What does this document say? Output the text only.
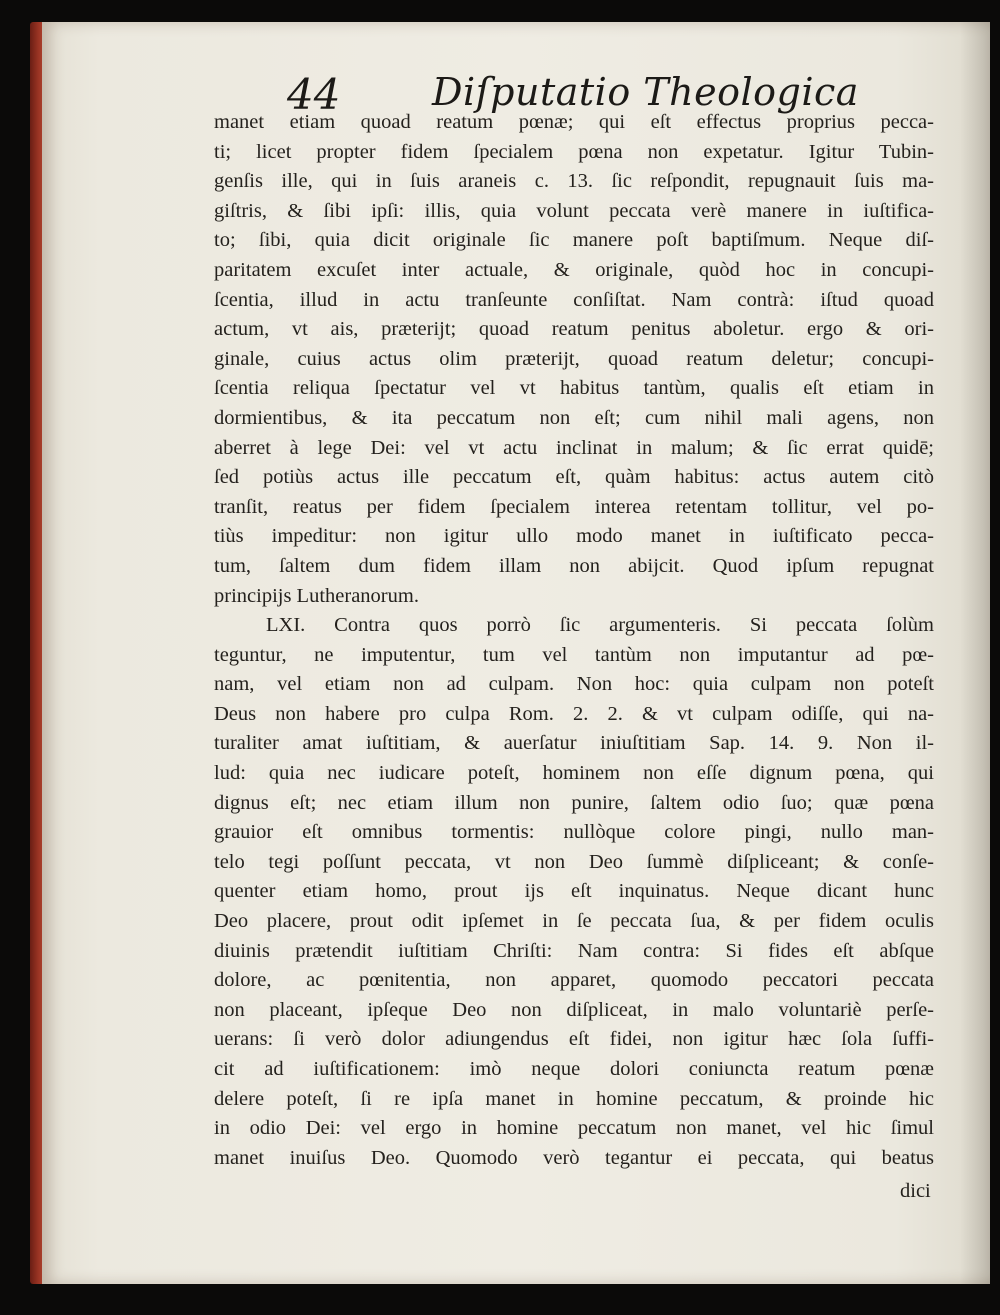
44 Diſputatio Theologica
manet etiam quoad reatum pœnæ; qui eſt effectus proprius pecca-
ti; licet propter fidem ſpecialem pœna non expetatur. Igitur Tubin-
genſis ille, qui in ſuis araneis c. 13. ſic reſpondit, repugnauit ſuis ma-
giſtris, & ſibi ipſi: illis, quia volunt peccata verè manere in iuſtifica-
to; ſibi, quia dicit originale ſic manere poſt baptiſmum. Neque diſ-
paritatem excuſet inter actuale, & originale, quòd hoc in concupi-
ſcentia, illud in actu tranſeunte conſiſtat. Nam contrà: iſtud quoad
actum, vt ais, præterijt; quoad reatum penitus aboletur. ergo & ori-
ginale, cuius actus olim præterijt, quoad reatum deletur; concupi-
ſcentia reliqua ſpectatur vel vt habitus tantùm, qualis eſt etiam in
dormientibus, & ita peccatum non eſt; cum nihil mali agens, non
aberret à lege Dei: vel vt actu inclinat in malum; & ſic errat quidē;
ſed potiùs actus ille peccatum eſt, quàm habitus: actus autem citò
tranſit, reatus per fidem ſpecialem interea retentam tollitur, vel po-
tiùs impeditur: non igitur ullo modo manet in iuſtificato pecca-
tum, ſaltem dum fidem illam non abijcit. Quod ipſum repugnat
principijs Lutheranorum.
LXI. Contra quos porrò ſic argumenteris. Si peccata ſolùm
teguntur, ne imputentur, tum vel tantùm non imputantur ad pœ-
nam, vel etiam non ad culpam. Non hoc: quia culpam non poteſt
Deus non habere pro culpa Rom. 2. 2. & vt culpam odiſſe, qui na-
turaliter amat iuſtitiam, & auerſatur iniuſtitiam Sap. 14. 9. Non il-
lud: quia nec iudicare poteſt, hominem non eſſe dignum pœna, qui
dignus eſt; nec etiam illum non punire, ſaltem odio ſuo; quæ pœna
grauior eſt omnibus tormentis: nullòque colore pingi, nullo man-
telo tegi poſſunt peccata, vt non Deo ſummè diſpliceant; & conſe-
quenter etiam homo, prout ijs eſt inquinatus. Neque dicant hunc
Deo placere, prout odit ipſemet in ſe peccata ſua, & per fidem oculis
diuinis prætendit iuſtitiam Chriſti: Nam contra: Si fides eſt abſque
dolore, ac pœnitentia, non apparet, quomodo peccatori peccata
non placeant, ipſeque Deo non diſpliceat, in malo voluntariè perſe-
uerans: ſi verò dolor adiungendus eſt fidei, non igitur hæc ſola ſuffi-
cit ad iuſtificationem: imò neque dolori coniuncta reatum pœnæ
delere poteſt, ſi re ipſa manet in homine peccatum, & proinde hic
in odio Dei: vel ergo in homine peccatum non manet, vel hic ſimul
manet inuiſus Deo. Quomodo verò tegantur ei peccata, qui beatus
dici
